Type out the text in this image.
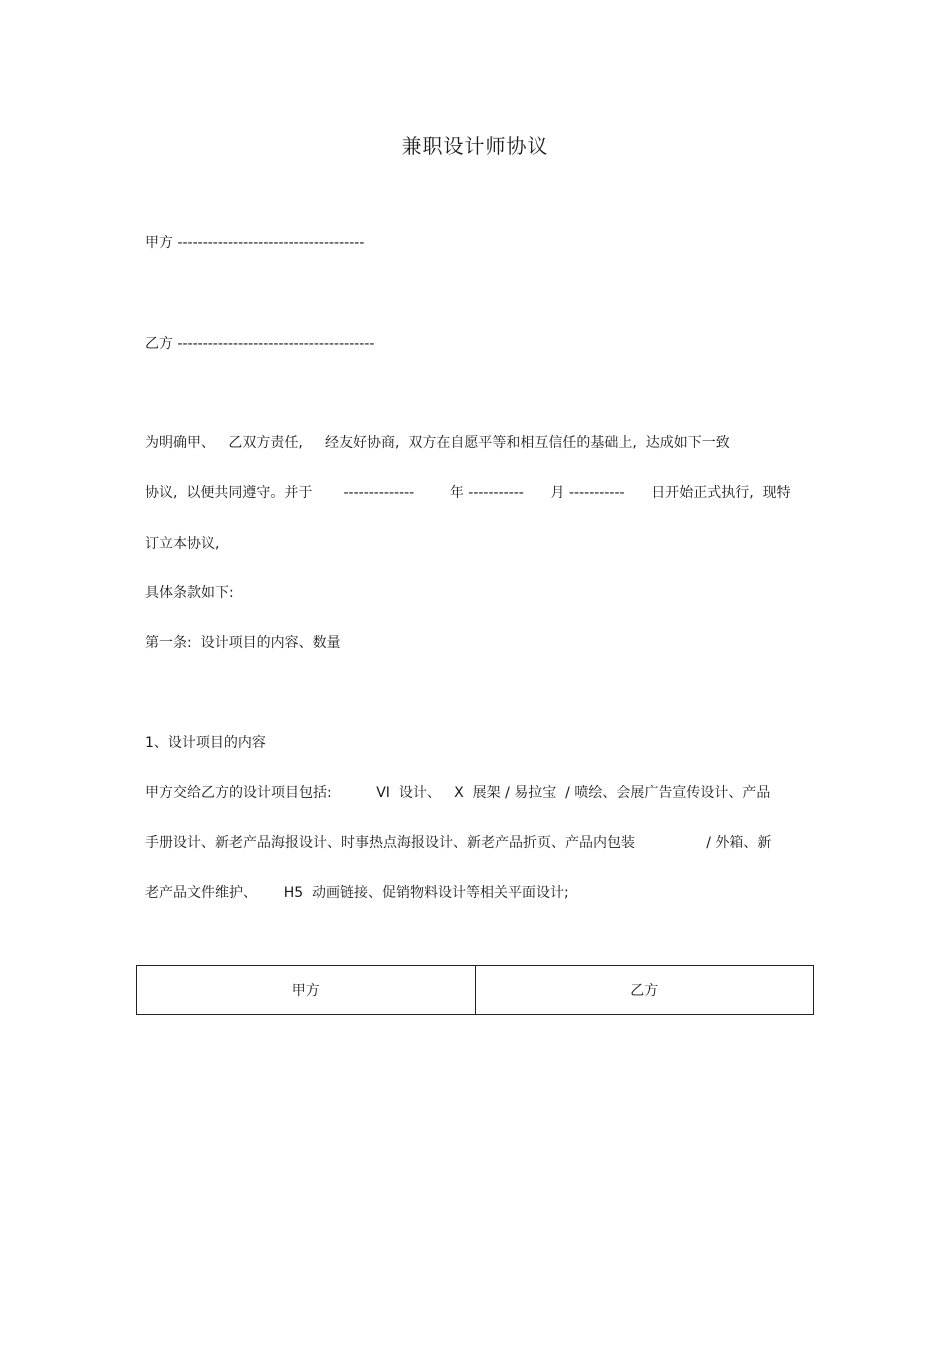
兼职设计师协议
甲方 -------------------------------------
乙方 ---------------------------------------
为明确甲、   乙双方责任,     经友好协商,  双方在自愿平等和相互信任的基础上,  达成如下一致
协议,  以便共同遵守。并于       --------------        年 -----------      月 -----------      日开始正式执行,  现特
订立本协议,
具体条款如下:
第一条:  设计项目的内容、数量
1、设计项目的内容
甲方交给乙方的设计项目包括:          VI  设计、   X  展架 / 易拉宝  / 喷绘、会展广告宣传设计、产品
手册设计、新老产品海报设计、时事热点海报设计、新老产品折页、产品内包装                / 外箱、新
老产品文件维护、      H5  动画链接、促销物料设计等相关平面设计;
甲方	乙方
